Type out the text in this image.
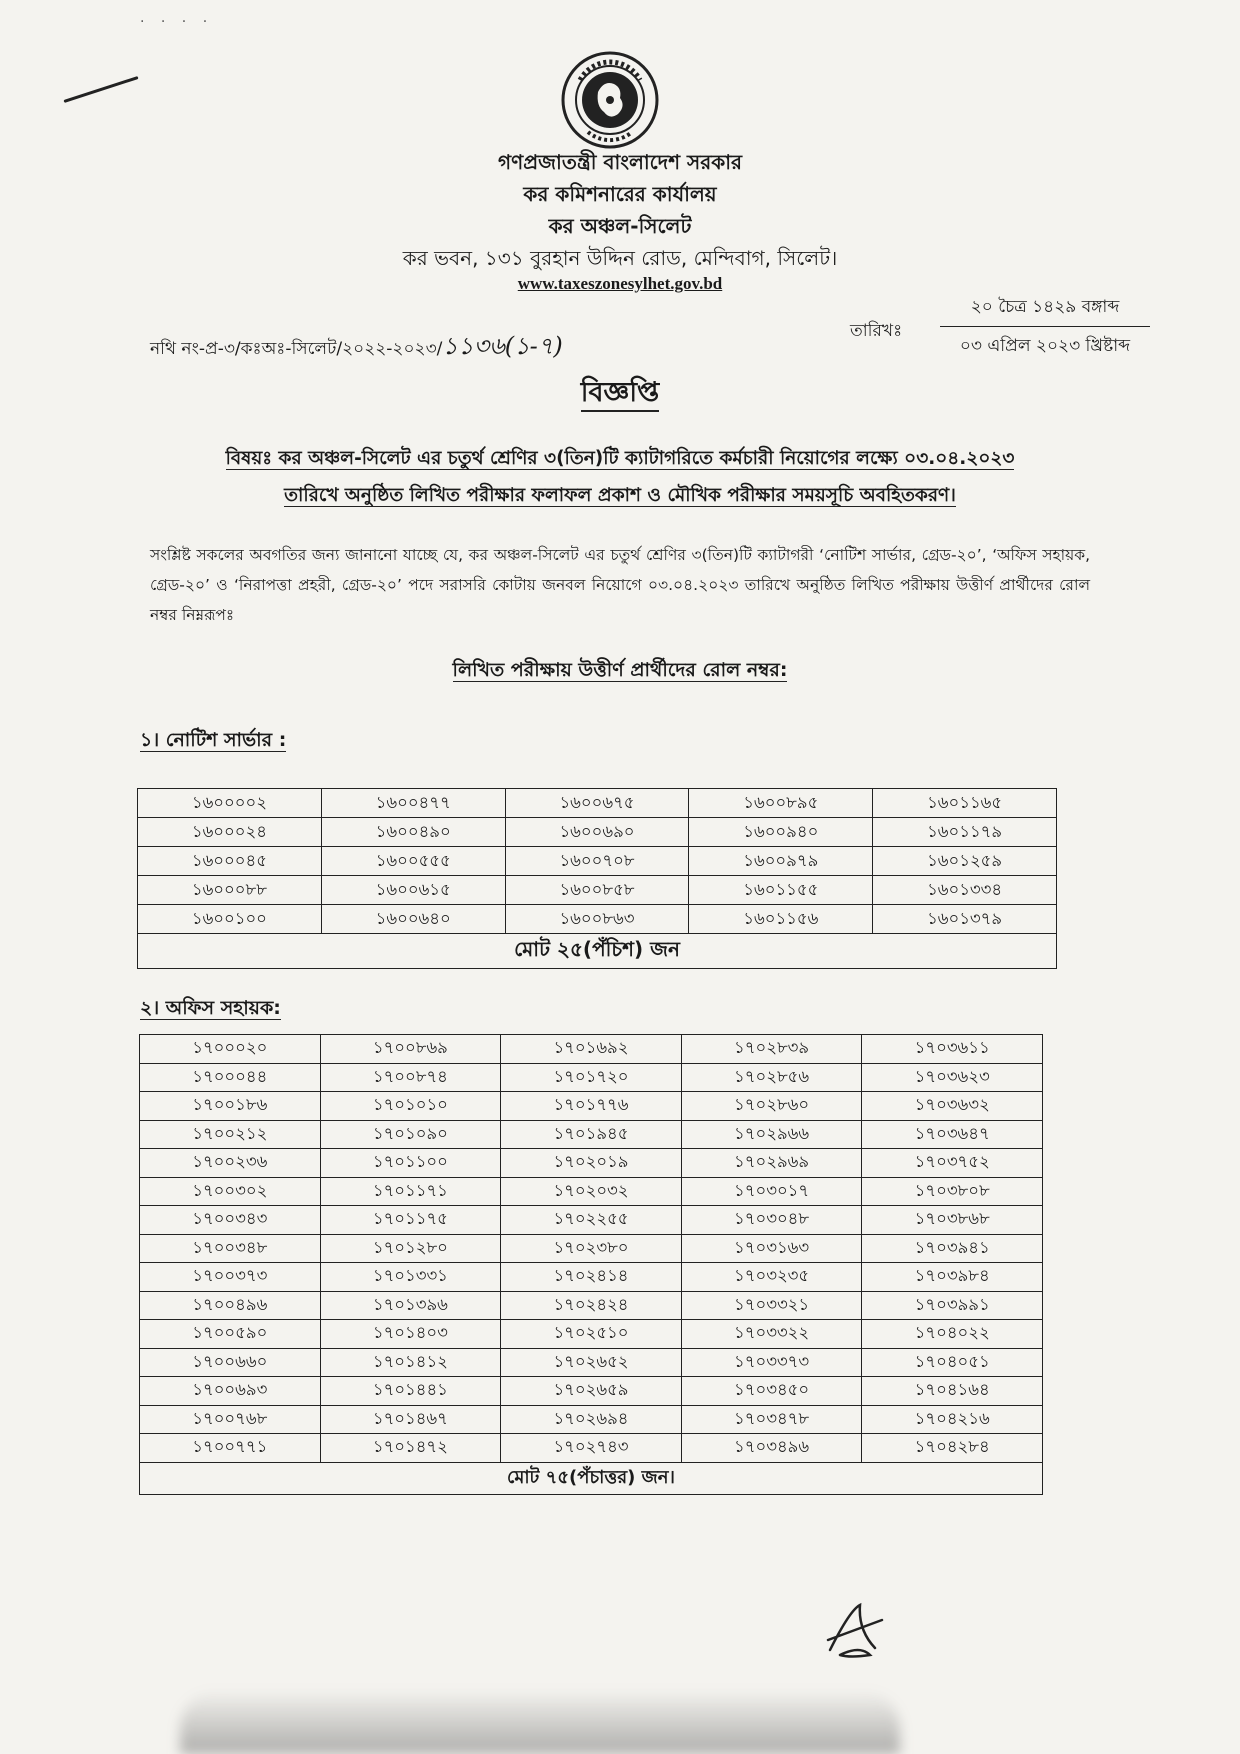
· · · ·
গণপ্রজাতন্ত্রী বাংলাদেশ সরকার
কর কমিশনারের কার্যালয়
কর অঞ্চল-সিলেট
কর ভবন, ১৩১ বুরহান উদ্দিন রোড, মেন্দিবাগ, সিলেট।
www.taxeszonesylhet.gov.bd
নথি নং-প্র-৩/কঃঅঃ-সিলেট/২০২২-২০২৩/১১৩৬(১-৭)
তারিখঃ
২০ চৈত্র ১৪২৯ বঙ্গাব্দ
০৩ এপ্রিল ২০২৩ খ্রিষ্টাব্দ
বিজ্ঞপ্তি
বিষয়ঃ কর অঞ্চল-সিলেট এর চতুর্থ শ্রেণির ৩(তিন)টি ক্যাটাগরিতে কর্মচারী নিয়োগের লক্ষ্যে ০৩.০৪.২০২৩
তারিখে অনুষ্ঠিত লিখিত পরীক্ষার ফলাফল প্রকাশ ও মৌখিক পরীক্ষার সময়সূচি অবহিতকরণ।
সংশ্লিষ্ট সকলের অবগতির জন্য জানানো যাচ্ছে যে, কর অঞ্চল-সিলেট এর চতুর্থ শ্রেণির ৩(তিন)টি ক্যাটাগরী ‘নোটিশ সার্ভার, গ্রেড-২০’, ‘অফিস সহায়ক, গ্রেড-২০’ ও ‘নিরাপত্তা প্রহরী, গ্রেড-২০’ পদে সরাসরি কোটায় জনবল নিয়োগে ০৩.০৪.২০২৩ তারিখে অনুষ্ঠিত লিখিত পরীক্ষায় উত্তীর্ণ প্রার্থীদের রোল নম্বর নিম্নরূপঃ
লিখিত পরীক্ষায় উত্তীর্ণ প্রার্থীদের রোল নম্বর:
১। নোটিশ সার্ভার :
১৬০০০০২	১৬০০৪৭৭	১৬০০৬৭৫	১৬০০৮৯৫	১৬০১১৬৫
১৬০০০২৪	১৬০০৪৯০	১৬০০৬৯০	১৬০০৯৪০	১৬০১১৭৯
১৬০০০৪৫	১৬০০৫৫৫	১৬০০৭০৮	১৬০০৯৭৯	১৬০১২৫৯
১৬০০০৮৮	১৬০০৬১৫	১৬০০৮৫৮	১৬০১১৫৫	১৬০১৩৩৪
১৬০০১০০	১৬০০৬৪০	১৬০০৮৬৩	১৬০১১৫৬	১৬০১৩৭৯
মোট ২৫(পঁচিশ) জন				
২। অফিস সহায়ক:
১৭০০০২০	১৭০০৮৬৯	১৭০১৬৯২	১৭০২৮৩৯	১৭০৩৬১১
১৭০০০৪৪	১৭০০৮৭৪	১৭০১৭২০	১৭০২৮৫৬	১৭০৩৬২৩
১৭০০১৮৬	১৭০১০১০	১৭০১৭৭৬	১৭০২৮৬০	১৭০৩৬৩২
১৭০০২১২	১৭০১০৯০	১৭০১৯৪৫	১৭০২৯৬৬	১৭০৩৬৪৭
১৭০০২৩৬	১৭০১১০০	১৭০২০১৯	১৭০২৯৬৯	১৭০৩৭৫২
১৭০০৩০২	১৭০১১৭১	১৭০২০৩২	১৭০৩০১৭	১৭০৩৮০৮
১৭০০৩৪৩	১৭০১১৭৫	১৭০২২৫৫	১৭০৩০৪৮	১৭০৩৮৬৮
১৭০০৩৪৮	১৭০১২৮০	১৭০২৩৮০	১৭০৩১৬৩	১৭০৩৯৪১
১৭০০৩৭৩	১৭০১৩৩১	১৭০২৪১৪	১৭০৩২৩৫	১৭০৩৯৮৪
১৭০০৪৯৬	১৭০১৩৯৬	১৭০২৪২৪	১৭০৩৩২১	১৭০৩৯৯১
১৭০০৫৯০	১৭০১৪০৩	১৭০২৫১০	১৭০৩৩২২	১৭০৪০২২
১৭০০৬৬০	১৭০১৪১২	১৭০২৬৫২	১৭০৩৩৭৩	১৭০৪০৫১
১৭০০৬৯৩	১৭০১৪৪১	১৭০২৬৫৯	১৭০৩৪৫০	১৭০৪১৬৪
১৭০০৭৬৮	১৭০১৪৬৭	১৭০২৬৯৪	১৭০৩৪৭৮	১৭০৪২১৬
১৭০০৭৭১	১৭০১৪৭২	১৭০২৭৪৩	১৭০৩৪৯৬	১৭০৪২৮৪
মোট ৭৫(পঁচাত্তর) জন।				
